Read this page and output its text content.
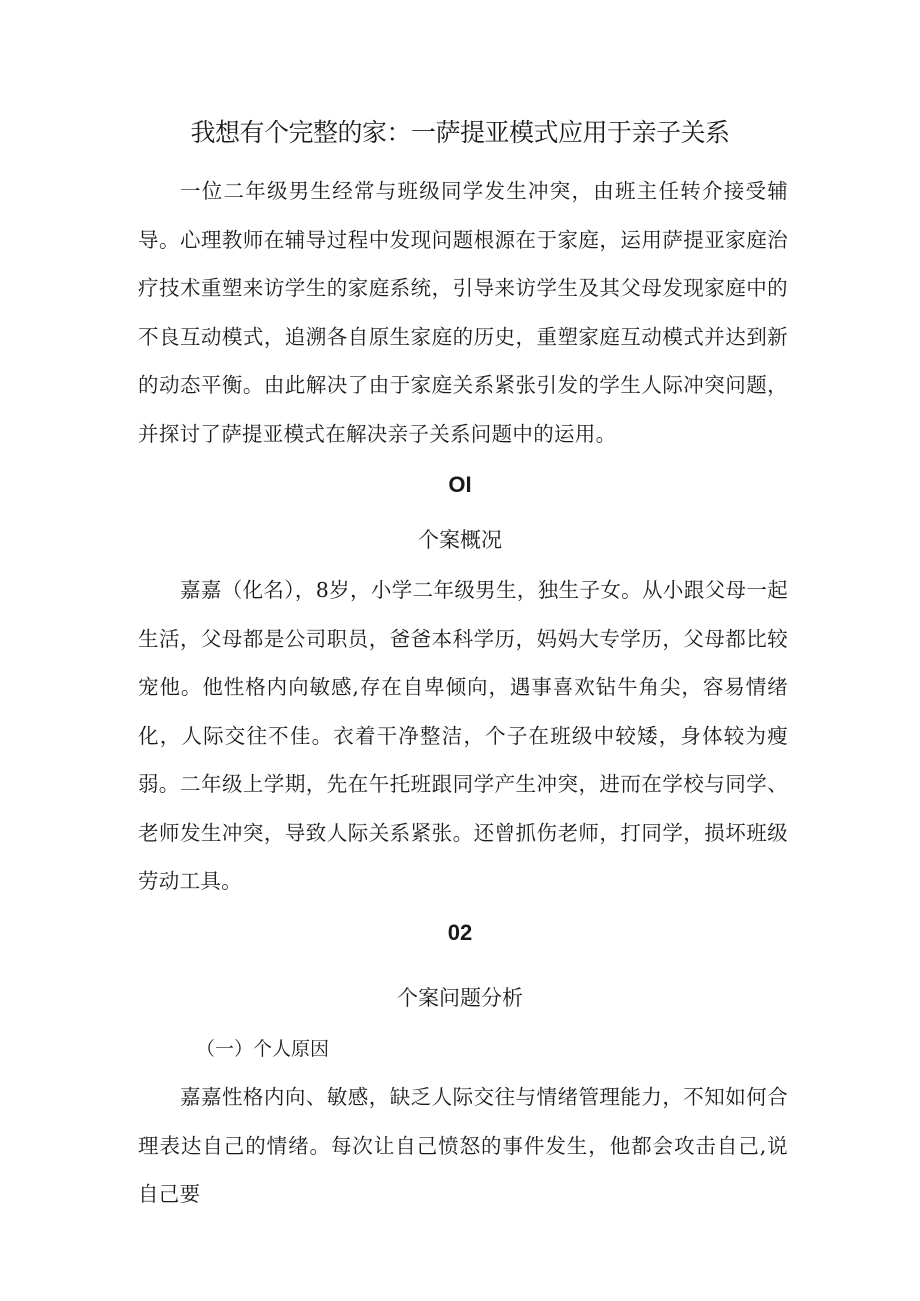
我想有个完整的家：一萨提亚模式应用于亲子关系

一位二年级男生经常与班级同学发生冲突，由班主任转介接受辅导。心理教师在辅导过程中发现问题根源在于家庭，运用萨提亚家庭治疗技术重塑来访学生的家庭系统，引导来访学生及其父母发现家庭中的不良互动模式，追溯各自原生家庭的历史，重塑家庭互动模式并达到新的动态平衡。由此解决了由于家庭关系紧张引发的学生人际冲突问题，并探讨了萨提亚模式在解决亲子关系问题中的运用。

OI
个案概况

嘉嘉（化名），8岁，小学二年级男生，独生子女。从小跟父母一起生活，父母都是公司职员，爸爸本科学历，妈妈大专学历，父母都比较宠他。他性格内向敏感,存在自卑倾向，遇事喜欢钻牛角尖，容易情绪化，人际交往不佳。衣着干净整洁，个子在班级中较矮，身体较为瘦弱。 二年级上学期，先在午托班跟同学产生冲突，进而在学校与同学、老师发生冲突，导致人际关系紧张。还曾抓伤老师，打同学，损坏班级劳动工具。

02
个案问题分析
（一）个人原因

嘉嘉性格内向、敏感，缺乏人际交往与情绪管理能力，不知如何合理表达自己的情绪。每次让自己愤怒的事件发生，他都会攻击自己,说自己要
